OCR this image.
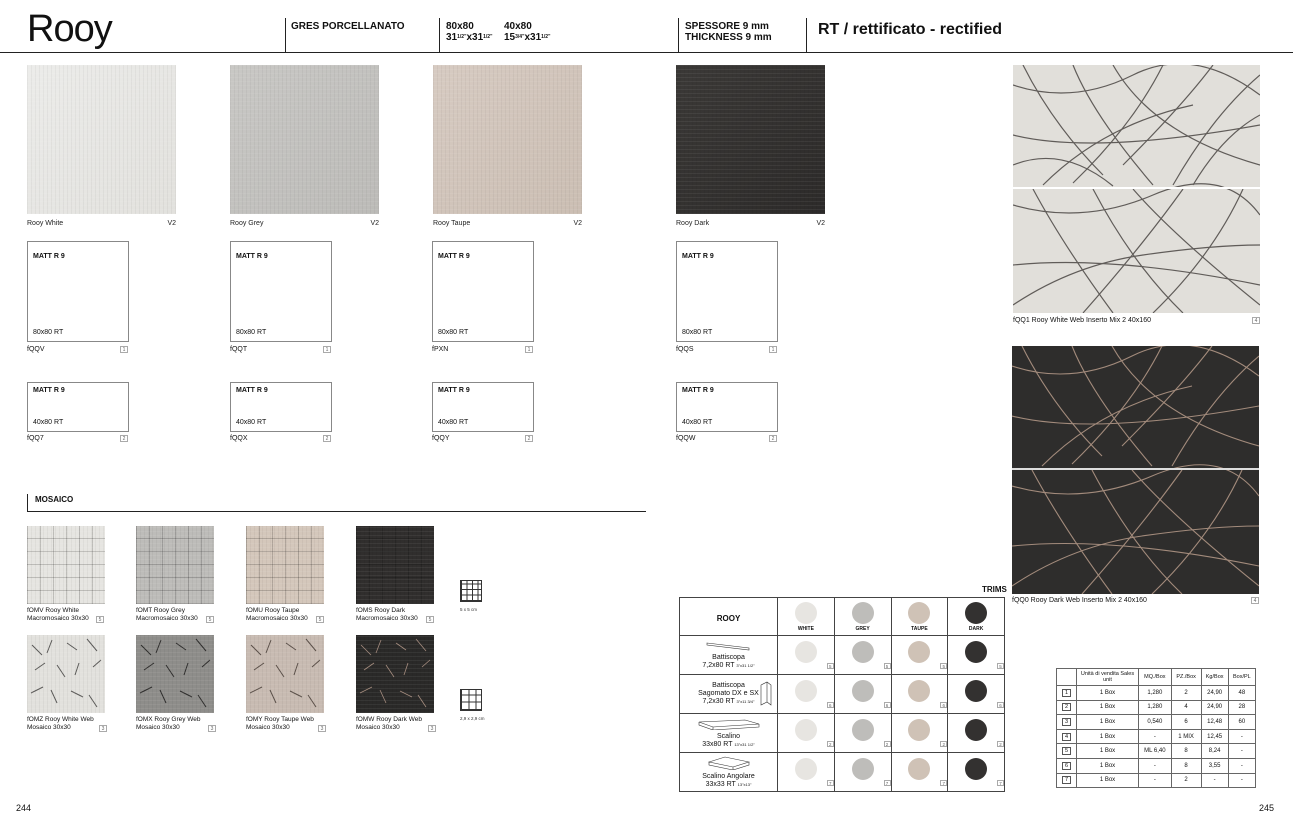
Rooy	GRES PORCELLANATO	80x80
$31^{1/2"}x31^{1/2"}$
40x80
$15^{3/4"}x31^{1/2"}$
SPESSORE 9 mm
THICKNESS 9 mm	RT / rettificato - rectified
Rooy White	V2
MATT R 9
80x80 RT
fQQV	1
MATT R 9
40x80 RT
fQQ7	2
Rooy Grey	V2
MATT R 9
80x80 RT
fQQT	1
MATT R 9
40x80 RT
fQQX	2
Rooy Taupe	V2
MATT R 9
80x80 RT
fPXN	1
MATT R 9
40x80 RT
fQQY	2
Rooy Dark	V2
MATT R 9
80x80 RT
fQQS	1
MATT R 9
40x80 RT
fQQW	2
MOSAICO
fOMV Rooy White
Macromosaico 30x30	5
fOMT Rooy Grey
Macromosaico 30x30	5
fOMU Rooy Taupe
Macromosaico 30x30	5
fOMS Rooy Dark
Macromosaico 30x30	5
5 x 5 cm
fOMZ Rooy White Web
Mosaico 30x30	3
fOMX Rooy Grey Web
Mosaico 30x30	3
fOMY Rooy Taupe Web
Mosaico 30x30	3
fOMW Rooy Dark Web
Mosaico 30x30	3
2,9 x 2,9 cm
fQQ1 Rooy White Web Inserto Mix 2 40x160	4
fQQ0 Rooy Dark Web Inserto Mix 2 40x160	4
TRIMS
ROOY	WHITE	GREY	TAUPE	DARK

Battiscopa
7,2x80 RT 3"x31 1/2"	5	5	5	5

Battiscopa
Sagomato DX e SX
7,2x30 RT 3"x11 3/4"	6	6	6	6

Scalino
33x80 RT 13"x31 1/2"	2	2	2	2

Scalino Angolare
33x33 RT 13"x13"	7	7	7	7
	Unità di vendita Sales unit	MQ./Box	PZ./Box	Kg/Box	Box/PL
1	1 Box	1,280	2	24,90	48
2	1 Box	1,280	4	24,90	28
3	1 Box	0,540	6	12,48	60
4	1 Box	-	1 MIX	12,45	-
5	1 Box	ML 6,40	8	8,24	-
6	1 Box	-	8	3,55	-
7	1 Box	-	2	-	-
244	245
